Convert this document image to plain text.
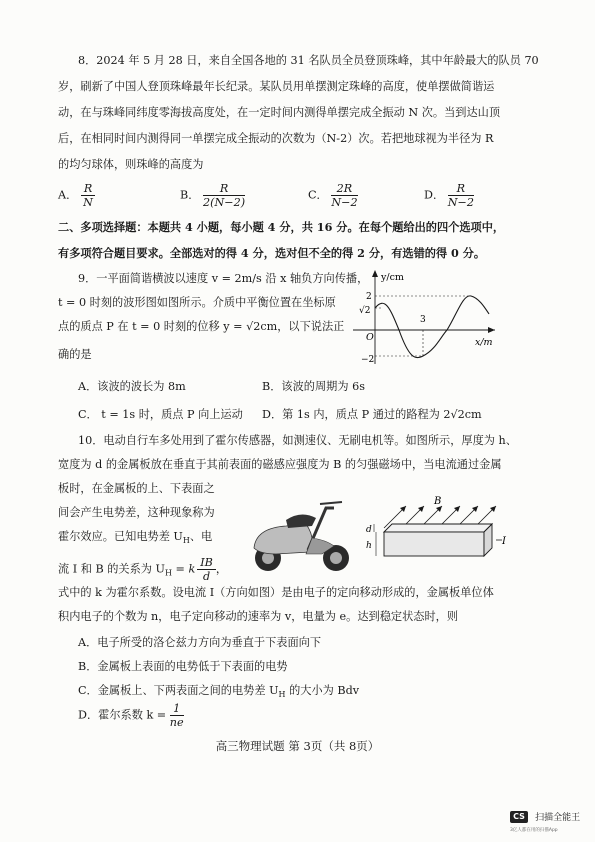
8．2024 年 5 月 28 日，来自全国各地的 31 名队员全员登顶珠峰，其中年龄最大的队员 70
岁，刷新了中国人登顶珠峰最年长纪录。某队员用单摆测定珠峰的高度，使单摆做简谐运
动，在与珠峰同纬度零海拔高度处，在一定时间内测得单摆完成全振动 N 次。当到达山顶
后，在相同时间内测得同一单摆完成全振动的次数为（N-2）次。若把地球视为半径为 R
的均匀球体，则珠峰的高度为
A． $\frac{R}{N}$	B． $\frac{R}{2(N-2)}$	C． $\frac{2R}{N-2}$	D． $\frac{R}{N-2}$
二、多项选择题：本题共 4 小题，每小题 4 分，共 16 分。在每个题给出的四个选项中，
有多项符合题目要求。全部选对的得 4 分，选对但不全的得 2 分，有选错的得 0 分。
9．一平面简谐横波以速度 v = 2m/s 沿 x 轴负方向传播，
t = 0 时刻的波形图如图所示。介质中平衡位置在坐标原
点的质点 P 在 t = 0 时刻的位移 y = √2cm，以下说法正
确的是
y/cm
x/m
O
2
√2
−2
3
A．该波的波长为 8m	B．该波的周期为 6s
C． t = 1s 时，质点 P 向上运动 D．第 1s 内，质点 P 通过的路程为 2√2cm
10．电动自行车多处用到了霍尔传感器，如测速仪、无刷电机等。如图所示，厚度为 h、
宽度为 d 的金属板放在垂直于其前表面的磁感应强度为 B 的匀强磁场中，当电流通过金属
板时，在金属板的上、下表面之
间会产生电势差，这种现象称为
霍尔效应。已知电势差 $U_H$、电
流 I 和 B 的关系为 $U_H = k \frac{IB}{d}$ ，
B
d
h	I
式中的 k 为霍尔系数。设电流 I（方向如图）是由电子的定向移动形成的，金属板单位体
积内电子的个数为 n，电子定向移动的速率为 v，电量为 e。达到稳定状态时，则
A．电子所受的洛仑兹力方向为垂直于下表面向下
B．金属板上表面的电势低于下表面的电势
C．金属板上、下两表面之间的电势差 $U_H$ 的大小为 Bdv
D．霍尔系数 $k = \frac{1}{ne}$
高三物理试题 第 3页（共 8页）
CS 扫描全能王
3亿人都在用的扫描App
